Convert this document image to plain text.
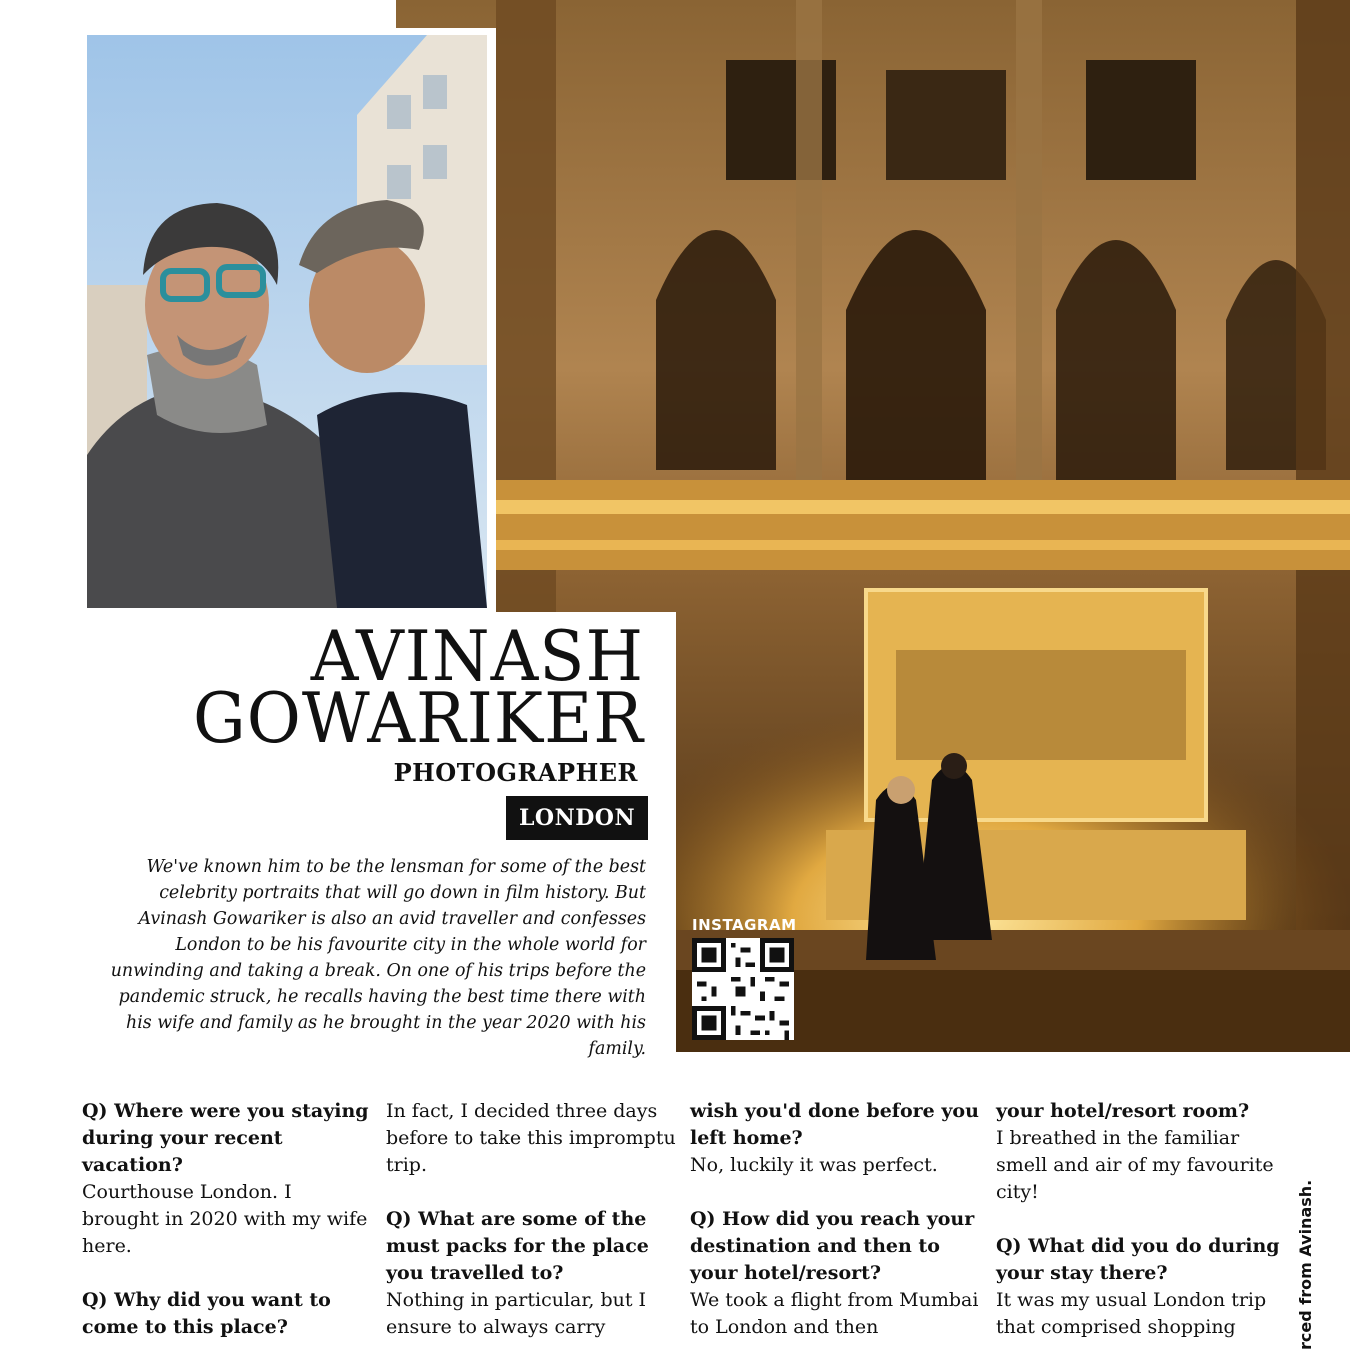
AVINASH
GOWARIKER
PHOTOGRAPHER
LONDON

We've known him to be the lensman for some of the best celebrity portraits that will go down in film history. But Avinash Gowariker is also an avid traveller and confesses London to be his favourite city in the whole world for unwinding and taking a break. On one of his trips before the pandemic struck, he recalls having the best time there with his wife and family as he brought in the year 2020 with his family.

INSTAGRAM

Q) Where were you staying during your recent vacation?
Courthouse London. I brought in 2020 with my wife here.

Q) Why did you want to come to this place?

In fact, I decided three days before to take this impromptu trip.

Q) What are some of the must packs for the place you travelled to?
Nothing in particular, but I ensure to always carry

wish you'd done before you left home?
No, luckily it was perfect.

Q) How did you reach your destination and then to your hotel/resort?
We took a flight from Mumbai to London and then

your hotel/resort room?
I breathed in the familiar smell and air of my favourite city!

Q) What did you do during your stay there?
It was my usual London trip that comprised shopping	rced from Avinash.
